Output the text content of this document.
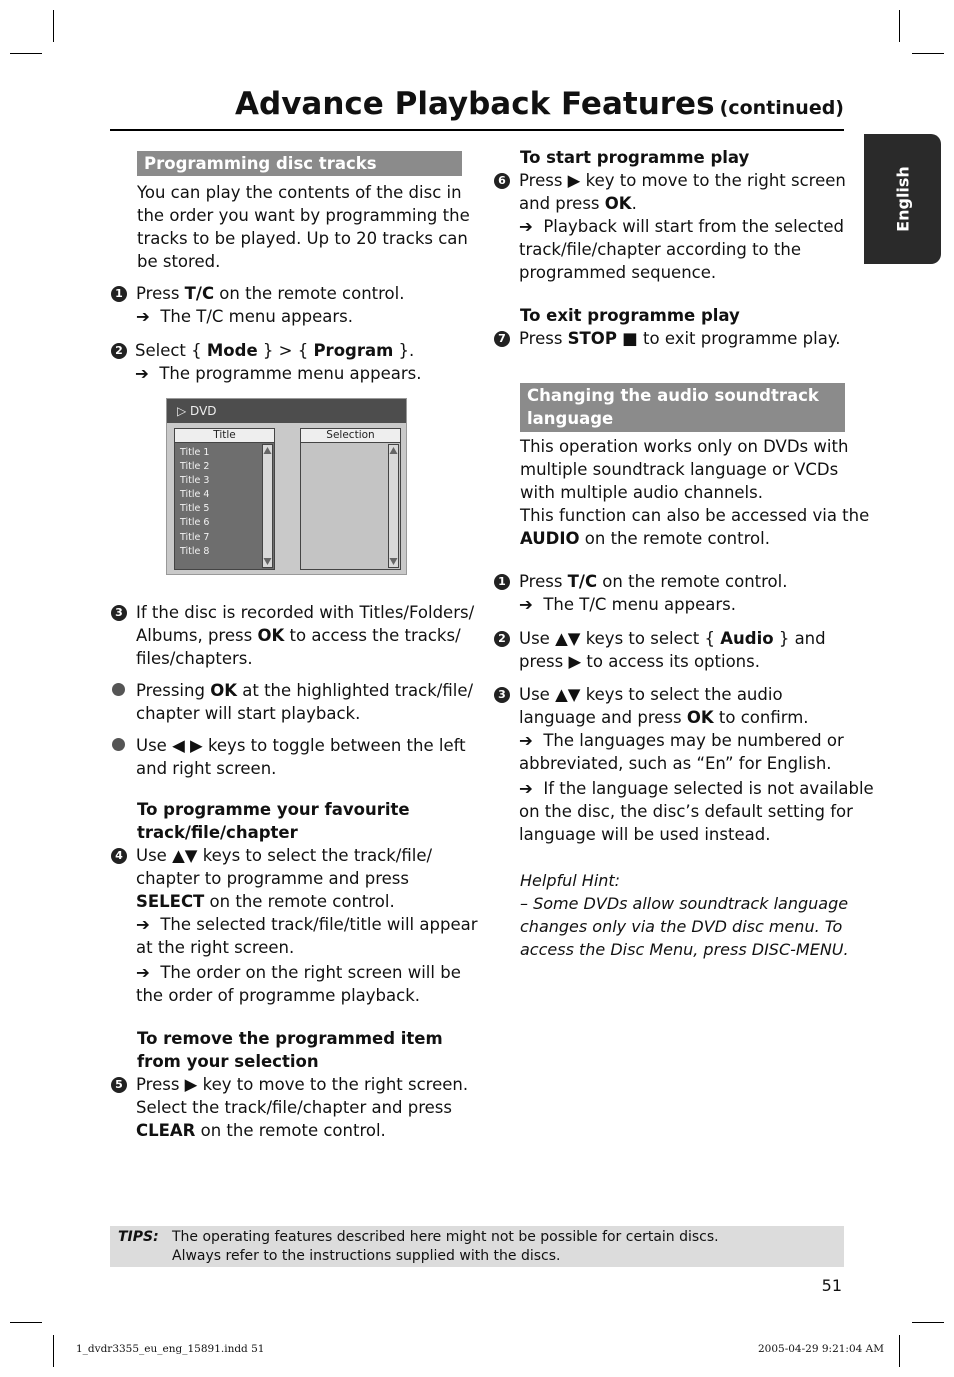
Advance Playback Features (continued)
English
Programming disc tracks
You can play the contents of the disc in
the order you want by programming the
tracks to be played. Up to 20 tracks can
be stored.
1 Press T/C on the remote control.
➔ The T/C menu appears.
2 Select { Mode } > { Program }.
➔ The programme menu appears.
▷ DVD
Title
Title 1
Title 2
Title 3
Title 4
Title 5
Title 6
Title 7
Title 8
Selection
3 If the disc is recorded with Titles/Folders/
Albums, press OK to access the tracks/
files/chapters.
Pressing OK at the highlighted track/file/
chapter will start playback.
Use ◀ ▶ keys to toggle between the left
and right screen.
To programme your favourite
track/file/chapter
4 Use ▲▼ keys to select the track/file/
chapter to programme and press
SELECT on the remote control.
➔ The selected track/file/title will appear
at the right screen.
➔ The order on the right screen will be
the order of programme playback.
To remove the programmed item
from your selection
5 Press ▶ key to move to the right screen.
Select the track/file/chapter and press
CLEAR on the remote control.
To start programme play
6 Press ▶ key to move to the right screen
and press OK.
➔ Playback will start from the selected
track/file/chapter according to the
programmed sequence.
To exit programme play
7 Press STOP ■ to exit programme play.
Changing the audio soundtrack
language
This operation works only on DVDs with
multiple soundtrack language or VCDs
with multiple audio channels.
This function can also be accessed via the
AUDIO on the remote control.
1 Press T/C on the remote control.
➔ The T/C menu appears.
2 Use ▲▼ keys to select { Audio } and
press ▶ to access its options.
3 Use ▲▼ keys to select the audio
language and press OK to confirm.
➔ The languages may be numbered or
abbreviated, such as “En” for English.
➔ If the language selected is not available
on the disc, the disc’s default setting for
language will be used instead.
Helpful Hint:
– Some DVDs allow soundtrack language
changes only via the DVD disc menu. To
access the Disc Menu, press DISC-MENU.
TIPS: The operating features described here might not be possible for certain discs.
Always refer to the instructions supplied with the discs.
51
1_dvdr3355_eu_eng_15891.indd 51	2005-04-29 9:21:04 AM
